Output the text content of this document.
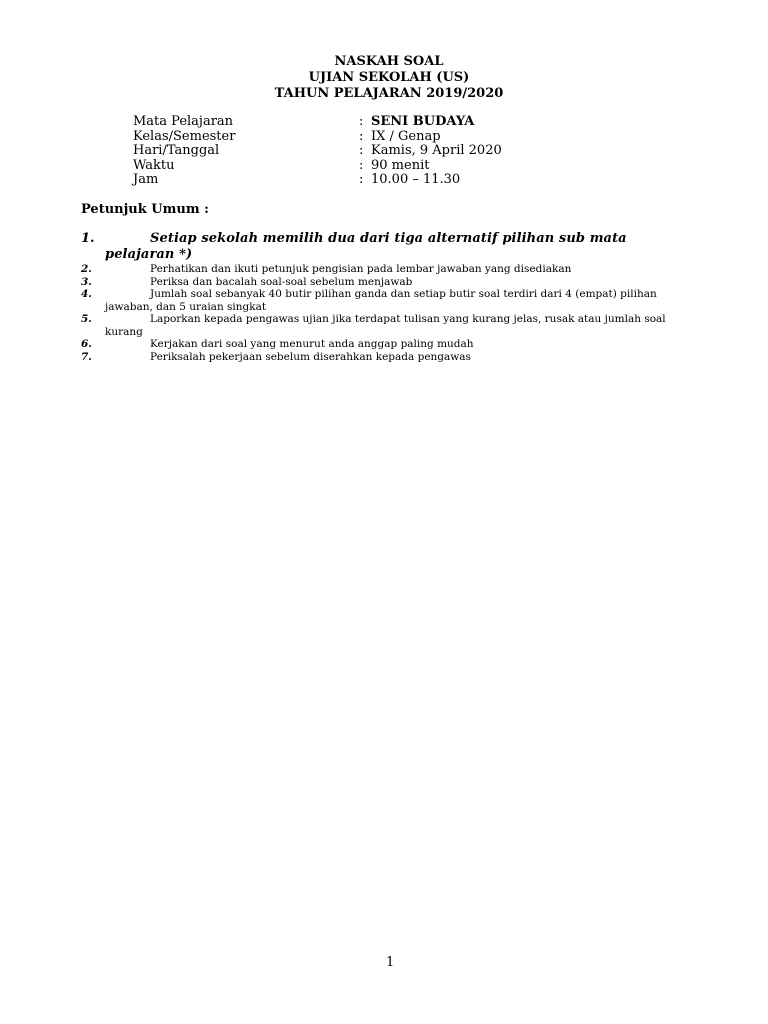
NASKAH SOAL
UJIAN SEKOLAH (US)
TAHUN PELAJARAN 2019/2020
Mata Pelajaran	: SENI BUDAYA
Kelas/Semester	: IX / Genap
Hari/Tanggal	: Kamis, 9 April 2020
Waktu	: 90 menit
Jam	: 10.00 – 11.30
Petunjuk Umum :
1.	Setiap sekolah memilih dua dari tiga alternatif pilihan sub mata pelajaran *)
2.	Perhatikan dan ikuti petunjuk pengisian pada lembar jawaban yang disediakan
3.	Periksa dan bacalah soal-soal sebelum menjawab
4.	Jumlah soal sebanyak 40 butir pilihan ganda dan setiap butir soal terdiri dari 4 (empat) pilihan jawaban, dan 5 uraian singkat
5.	Laporkan kepada pengawas ujian jika terdapat tulisan yang kurang jelas, rusak atau jumlah soal kurang
6.	Kerjakan dari soal yang menurut anda anggap paling mudah
7.	Periksalah pekerjaan sebelum diserahkan kepada pengawas
1
